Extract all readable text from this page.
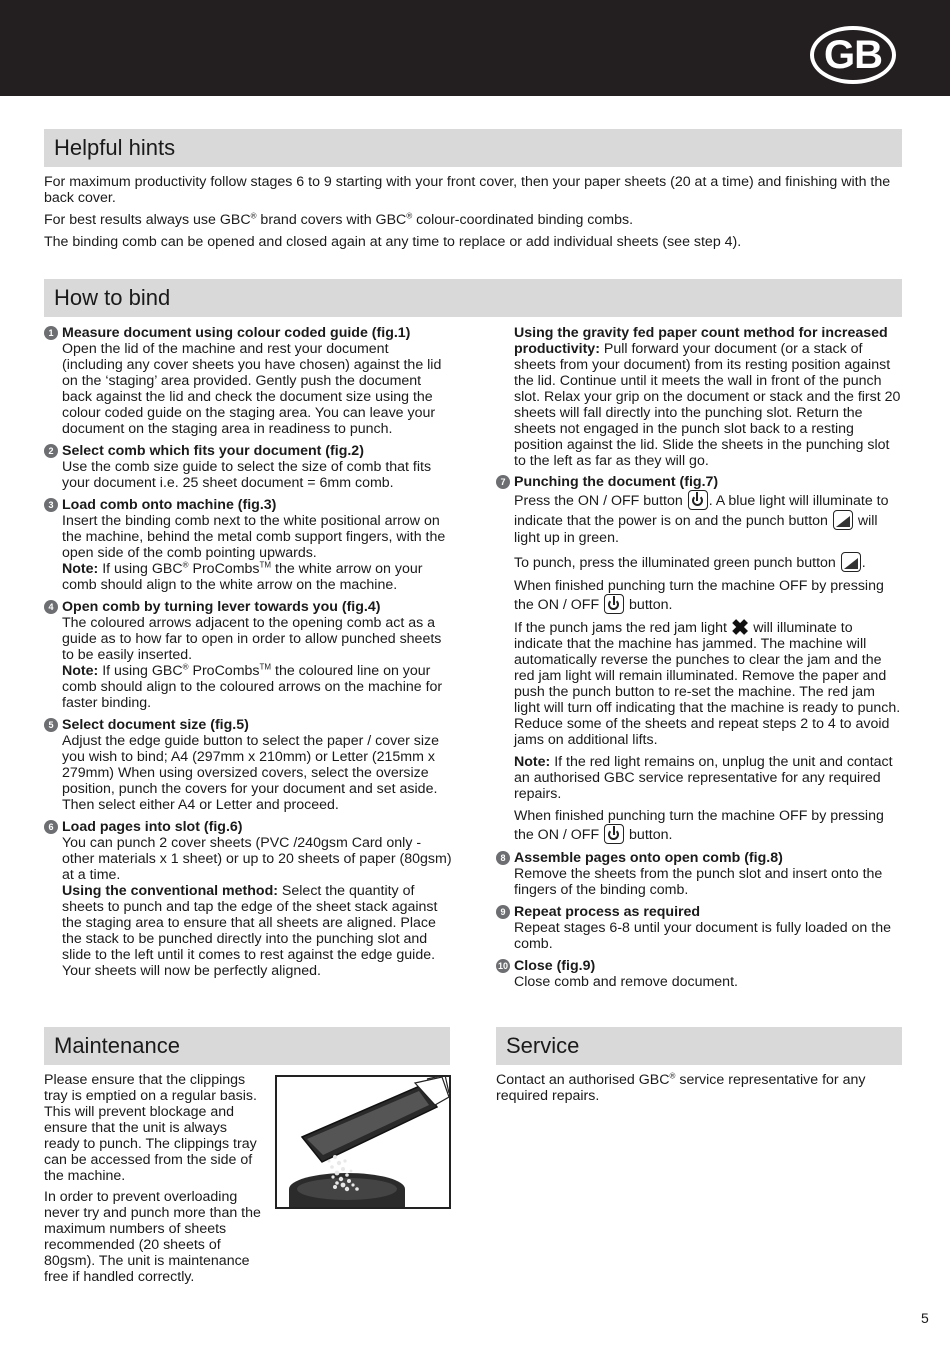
GB
Helpful hints

For maximum productivity follow stages 6 to 9 starting with your front cover, then your paper sheets (20 at a time) and finishing with the back cover.

For best results always use GBC® brand covers with GBC® colour-coordinated binding combs.

The binding comb can be opened and closed again at any time to replace or add individual sheets (see step 4).

How to bind
1 Measure document using colour coded guide (fig.1)
Open the lid of the machine and rest your document (including any cover sheets you have chosen) against the lid on the ‘staging’ area provided. Gently push the document back against the lid and check the document size using the colour coded guide on the staging area. You can leave your document on the staging area in readiness to punch.
2 Select comb which fits your document (fig.2)
Use the comb size guide to select the size of comb that fits your document i.e. 25 sheet document = 6mm comb.
3 Load comb onto machine (fig.3)
Insert the binding comb next to the white positional arrow on the machine, behind the metal comb support fingers, with the open side of the comb pointing upwards.

Note: If using GBC® ProCombs™ the white arrow on your comb should align to the white arrow on the machine.

4 Open comb by turning lever towards you (fig.4)
The coloured arrows adjacent to the opening comb act as a guide as to how far to open in order to allow punched sheets to be easily inserted.

Note: If using GBC® ProCombs™ the coloured line on your comb should align to the coloured arrows on the machine for faster binding.

5 Select document size (fig.5)
Adjust the edge guide button to select the paper / cover size you wish to bind; A4 (297mm x 210mm) or Letter (215mm x 279mm) When using oversized covers, select the oversize position, punch the covers for your document and set aside. Then select either A4 or Letter and proceed.
6 Load pages into slot (fig.6)
You can punch 2 cover sheets (PVC /240gsm Card only - other materials x 1 sheet) or up to 20 sheets of paper (80gsm) at a time.

Using the conventional method: Select the quantity of sheets to punch and tap the edge of the sheet stack against the staging area to ensure that all sheets are aligned. Place the stack to be punched directly into the punching slot and slide to the left until it comes to rest against the edge guide. Your sheets will now be perfectly aligned.

Using the gravity fed paper count method for increased productivity: Pull forward your document (or a stack of sheets from your document) from its resting position against the lid. Continue until it meets the wall in front of the punch slot. Relax your grip on the document or stack and the first 20 sheets will fall directly into the punching slot. Return the sheets not engaged in the punch slot back to a resting position against the lid. Slide the sheets in the punching slot to the left as far as they will go.

7 Punching the document (fig.7)

Press the ON / OFF button . A blue light will illuminate to indicate that the power is on and the punch button  will light up in green.

To punch, press the illuminated green punch button .

When finished punching turn the machine OFF by pressing the ON / OFF  button.

If the punch jams the red jam light ✖ will illuminate to indicate that the machine has jammed. The machine will automatically reverse the punches to clear the jam and the red jam light will remain illuminated. Remove the paper and push the punch button to re-set the machine. The red jam light will turn off indicating that the machine is ready to punch. Reduce some of the sheets and repeat steps 2 to 4 to avoid jams on additional lifts.

Note: If the red light remains on, unplug the unit and contact an authorised GBC service representative for any required repairs.

When finished punching turn the machine OFF by pressing the ON / OFF  button.

8 Assemble pages onto open comb (fig.8)
Remove the sheets from the punch slot and insert onto the fingers of the binding comb.
9 Repeat process as required
Repeat stages 6-8 until your document is fully loaded on the comb.
10 Close (fig.9)
Close comb and remove document.
Maintenance

Please ensure that the clippings tray is emptied on a regular basis. This will prevent blockage and ensure that the unit is always ready to punch. The clippings tray can be accessed from the side of the machine.

In order to prevent overloading never try and punch more than the maximum numbers of sheets recommended (20 sheets of 80gsm). The unit is maintenance free if handled correctly.

Service

Contact an authorised GBC® service representative for any required repairs.

5
